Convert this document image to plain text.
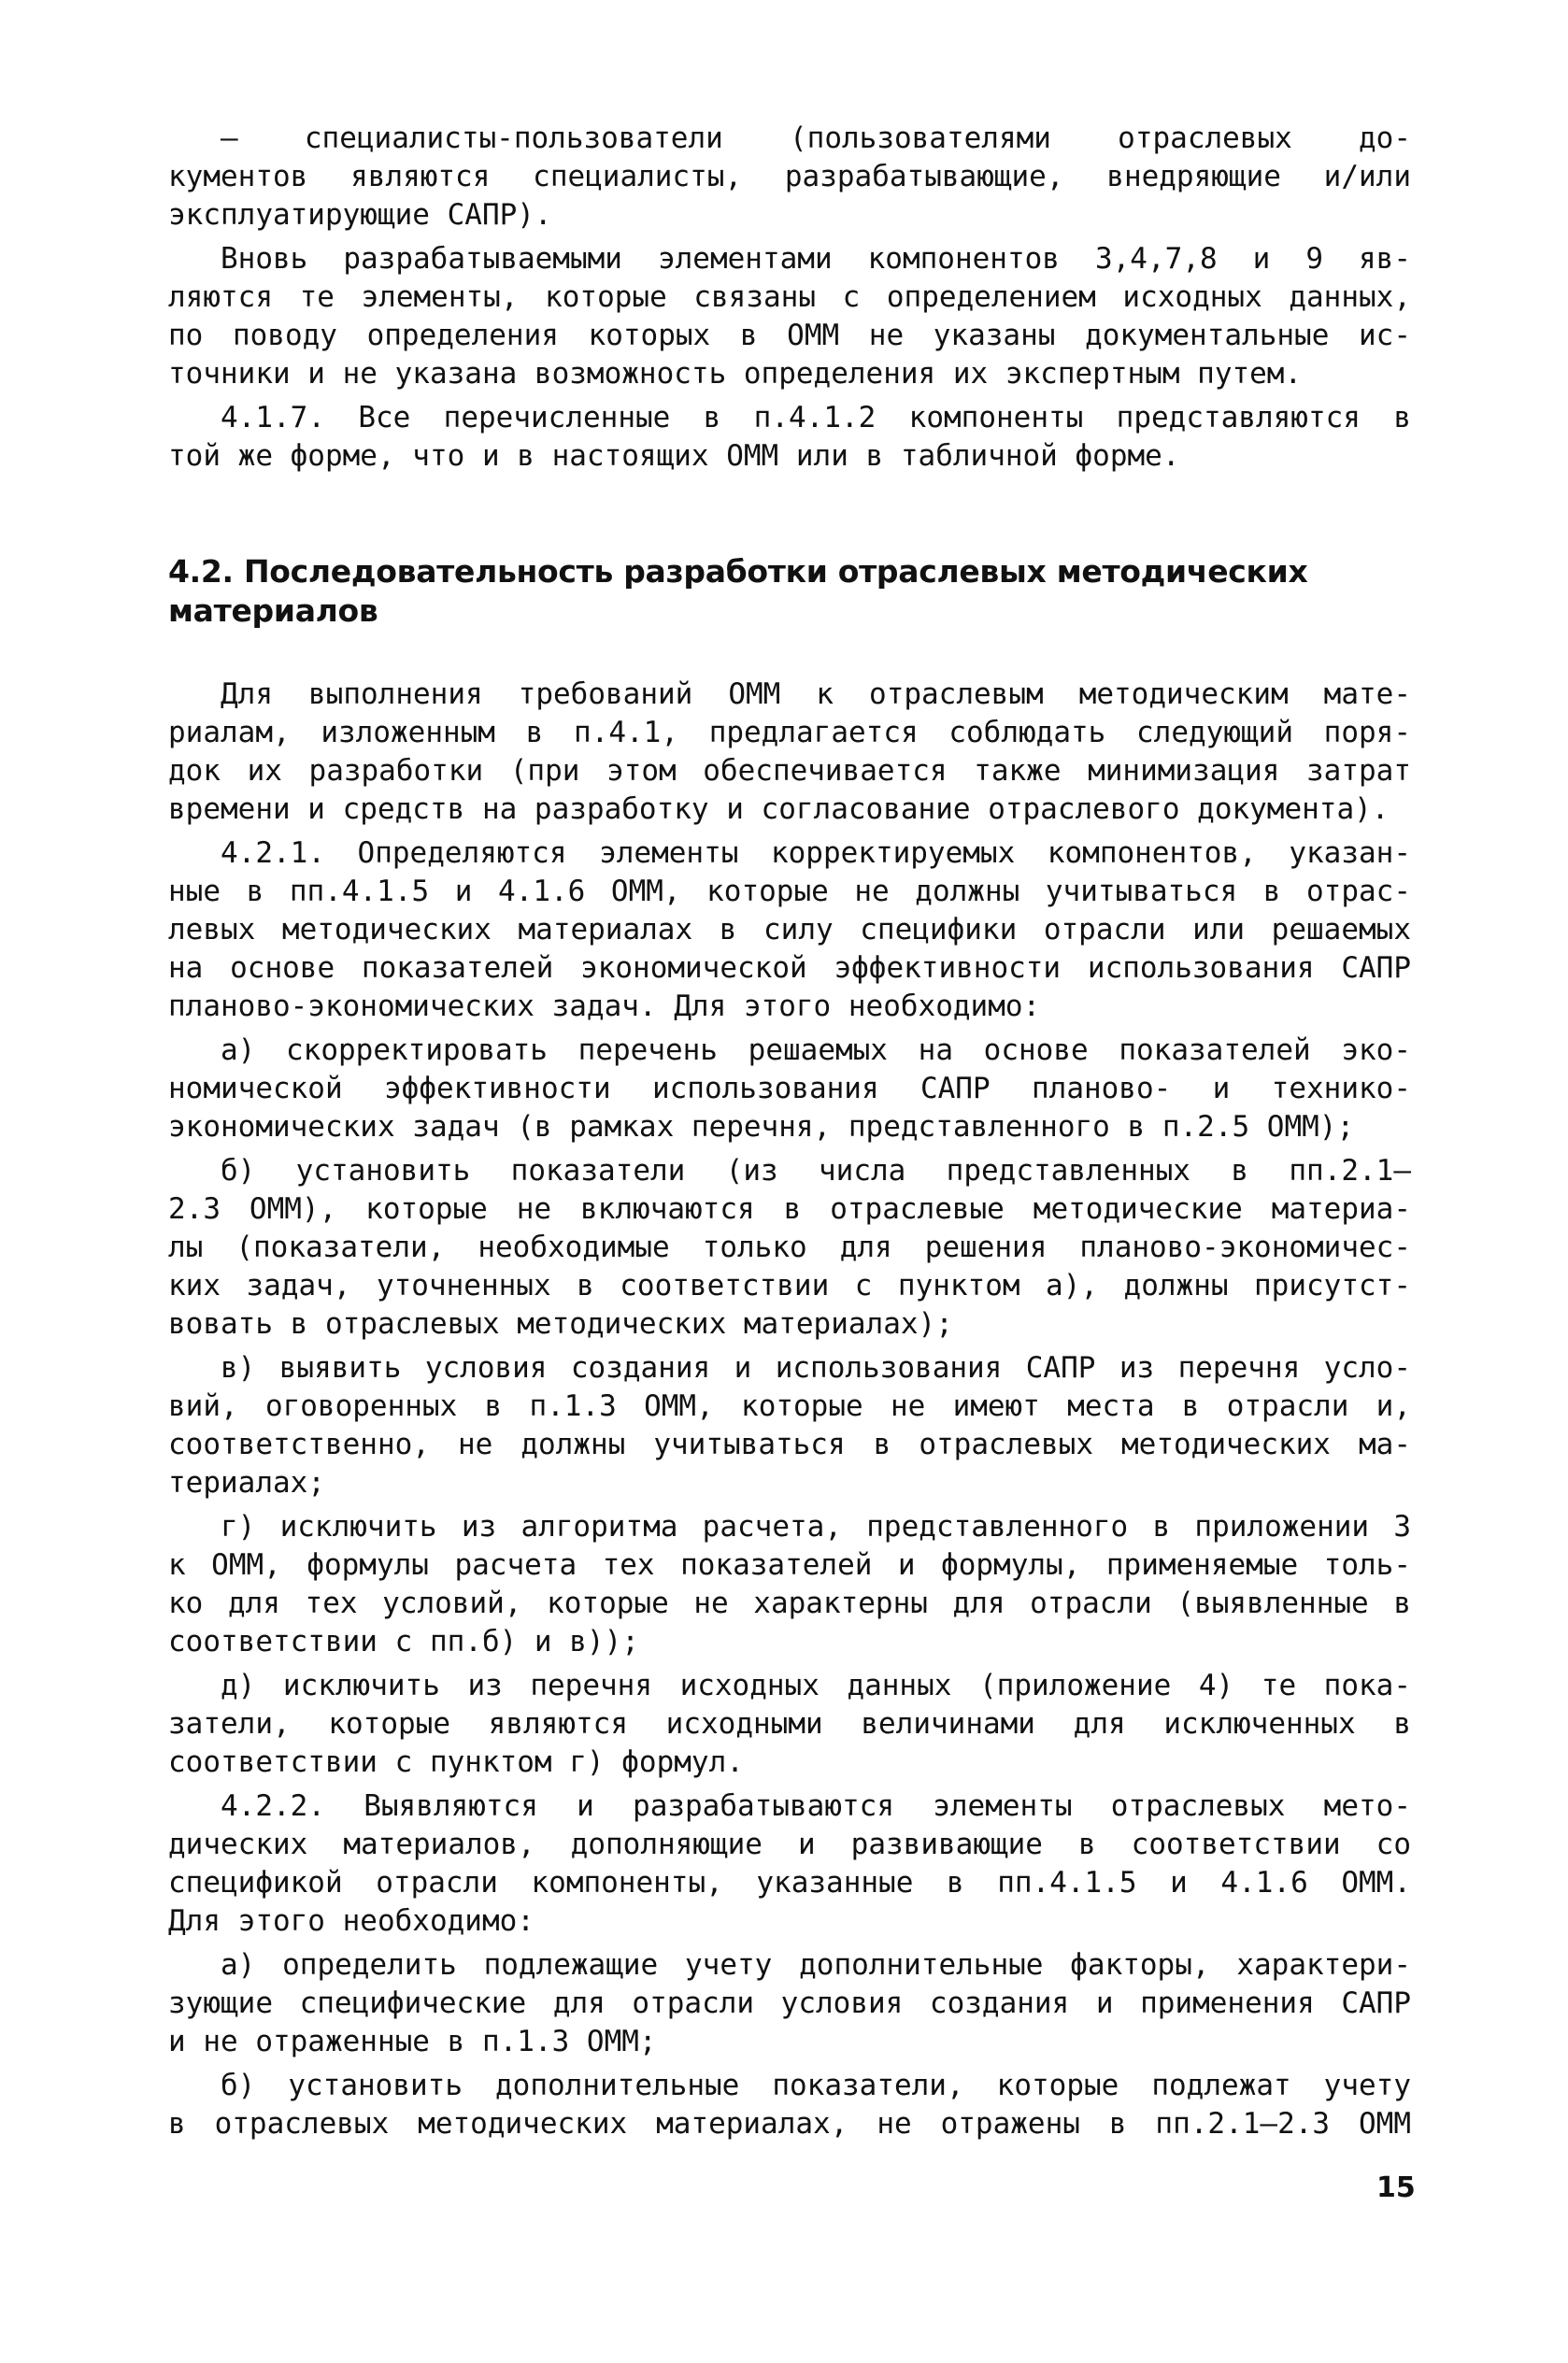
– специалисты-пользователи (пользователями отраслевых до-
кументов являются специалисты, разрабатывающие, внедряющие и/или
эксплуатирующие САПР).
Вновь разрабатываемыми элементами компонентов 3,4,7,8 и 9 яв-
ляются те элементы, которые связаны с определением исходных данных,
по поводу определения которых в ОММ не указаны документальные ис-
точники и не указана возможность определения их экспертным путем.
4.1.7. Все перечисленные в п.4.1.2 компоненты представляются в
той же форме, что и в настоящих ОММ или в табличной форме.
4.2. Последовательность разработки отраслевых методических
материалов
Для выполнения требований ОММ к отраслевым методическим мате-
риалам, изложенным в п.4.1, предлагается соблюдать следующий поря-
док их разработки (при этом обеспечивается также минимизация затрат
времени и средств на разработку и согласование отраслевого документа).
4.2.1. Определяются элементы корректируемых компонентов, указан-
ные в пп.4.1.5 и 4.1.6 ОММ, которые не должны учитываться в отрас-
левых методических материалах в силу специфики отрасли или решаемых
на основе показателей экономической эффективности использования САПР
планово-экономических задач. Для этого необходимо:
а) скорректировать перечень решаемых на основе показателей эко-
номической эффективности использования САПР планово- и технико-
экономических задач (в рамках перечня, представленного в п.2.5 ОММ);
б) установить показатели (из числа представленных в пп.2.1–
2.3 ОММ), которые не включаются в отраслевые методические материа-
лы (показатели, необходимые только для решения планово-экономичес-
ких задач, уточненных в соответствии с пунктом а), должны присутст-
вовать в отраслевых методических материалах);
в) выявить условия создания и использования САПР из перечня усло-
вий, оговоренных в п.1.3 ОММ, которые не имеют места в отрасли и,
соответственно, не должны учитываться в отраслевых методических ма-
териалах;
г) исключить из алгоритма расчета, представленного в приложении 3
к ОММ, формулы расчета тех показателей и формулы, применяемые толь-
ко для тех условий, которые не характерны для отрасли (выявленные в
соответствии с пп.б) и в));
д) исключить из перечня исходных данных (приложение 4) те пока-
затели, которые являются исходными величинами для исключенных в
соответствии с пунктом г) формул.
4.2.2. Выявляются и разрабатываются элементы отраслевых мето-
дических материалов, дополняющие и развивающие в соответствии со
спецификой отрасли компоненты, указанные в пп.4.1.5 и 4.1.6 ОММ.
Для этого необходимо:
а) определить подлежащие учету дополнительные факторы, характери-
зующие специфические для отрасли условия создания и применения САПР
и не отраженные в п.1.3 ОММ;
б) установить дополнительные показатели, которые подлежат учету
в отраслевых методических материалах, не отражены в пп.2.1–2.3 ОММ
15
